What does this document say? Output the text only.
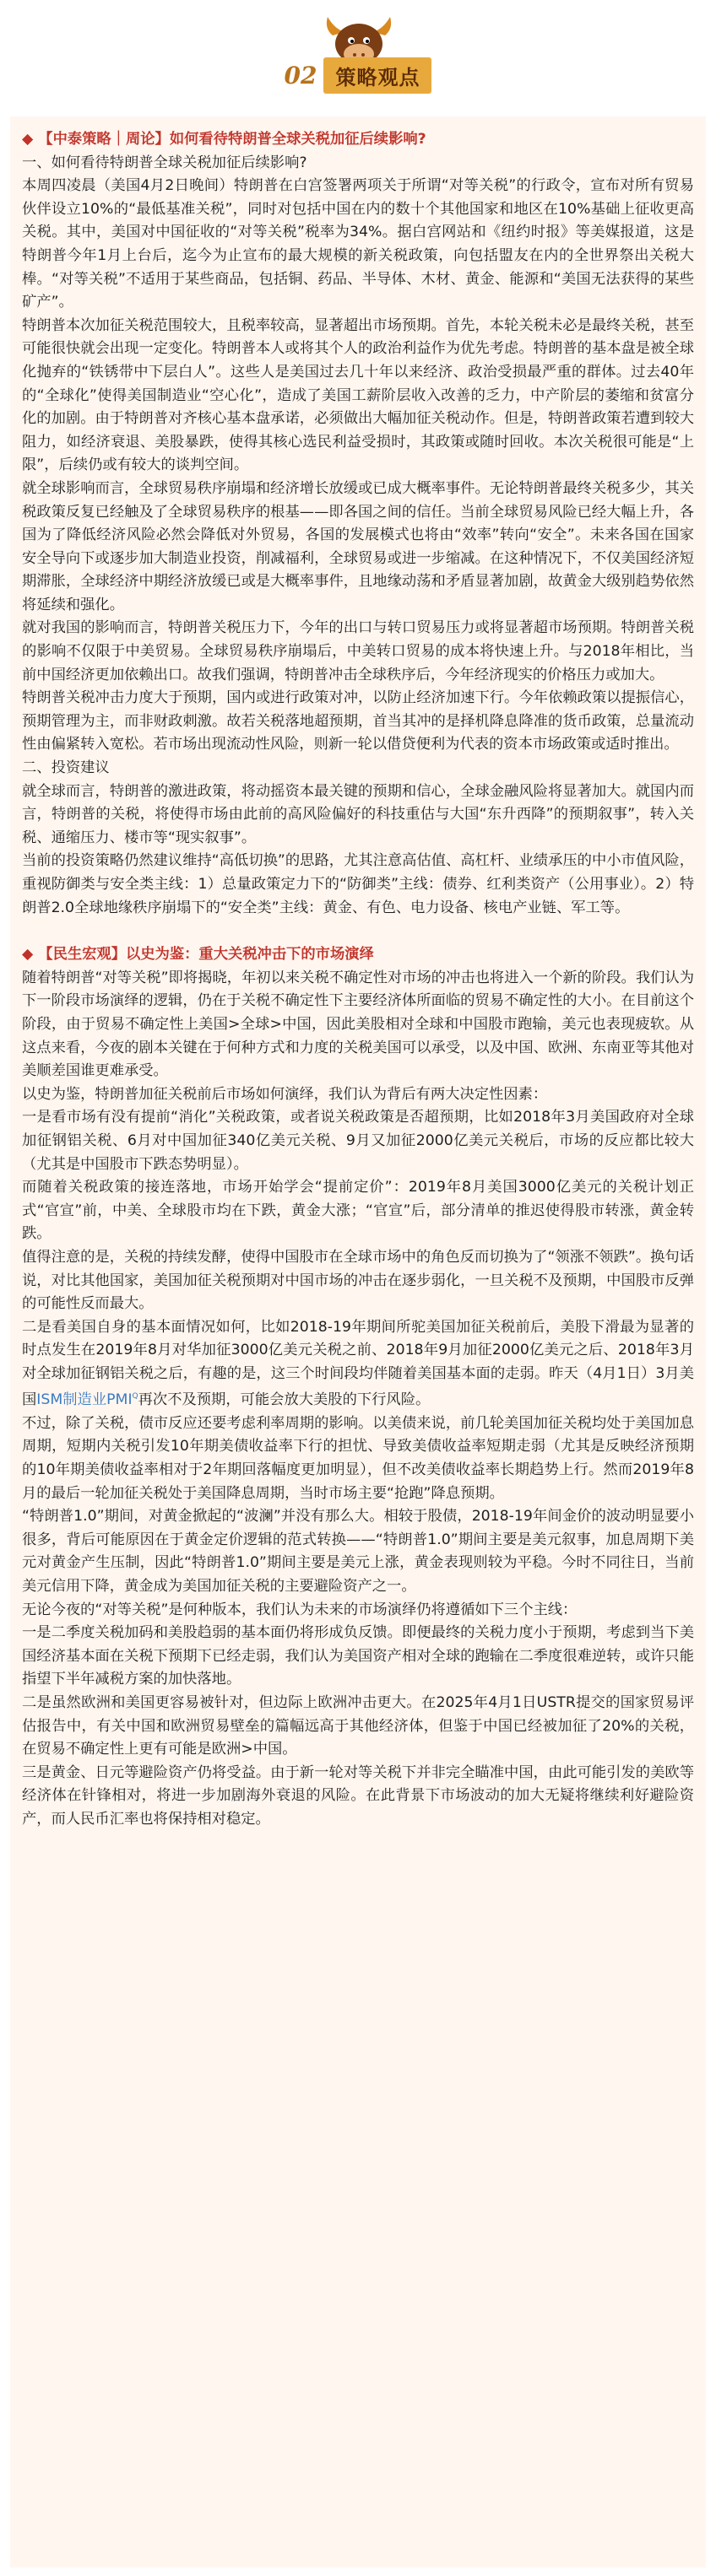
02 策略观点

◆ 【中泰策略｜周论】如何看待特朗普全球关税加征后续影响?

一、如何看待特朗普全球关税加征后续影响?

本周四凌晨（美国4月2日晚间）特朗普在白宫签署两项关于所谓“对等关税”的行政令，宣布对所有贸易伙伴设立10%的“最低基准关税”，同时对包括中国在内的数十个其他国家和地区在10%基础上征收更高关税。其中，美国对中国征收的“对等关税”税率为34%。据白宫网站和《纽约时报》等美媒报道，这是特朗普今年1月上台后，迄今为止宣布的最大规模的新关税政策，向包括盟友在内的全世界祭出关税大棒。“对等关税”不适用于某些商品，包括铜、药品、半导体、木材、黄金、能源和“美国无法获得的某些矿产”。

特朗普本次加征关税范围较大，且税率较高，显著超出市场预期。首先，本轮关税未必是最终关税，甚至可能很快就会出现一定变化。特朗普本人或将其个人的政治利益作为优先考虑。特朗普的基本盘是被全球化抛弃的“铁锈带中下层白人”。这些人是美国过去几十年以来经济、政治受损最严重的群体。过去40年的“全球化”使得美国制造业“空心化”，造成了美国工薪阶层收入改善的乏力，中产阶层的萎缩和贫富分化的加剧。由于特朗普对齐核心基本盘承诺，必须做出大幅加征关税动作。但是，特朗普政策若遭到较大阻力，如经济衰退、美股暴跌，使得其核心选民利益受损时，其政策或随时回收。本次关税很可能是“上限”，后续仍或有较大的谈判空间。

就全球影响而言，全球贸易秩序崩塌和经济增长放缓或已成大概率事件。无论特朗普最终关税多少，其关税政策反复已经触及了全球贸易秩序的根基——即各国之间的信任。当前全球贸易风险已经大幅上升，各国为了降低经济风险必然会降低对外贸易，各国的发展模式也将由“效率”转向“安全”。未来各国在国家安全导向下或逐步加大制造业投资，削减福利，全球贸易或进一步缩减。在这种情况下，不仅美国经济短期滞胀，全球经济中期经济放缓已或是大概率事件，且地缘动荡和矛盾显著加剧，故黄金大级别趋势依然将延续和强化。

就对我国的影响而言，特朗普关税压力下，今年的出口与转口贸易压力或将显著超市场预期。特朗普关税的影响不仅限于中美贸易。全球贸易秩序崩塌后，中美转口贸易的成本将快速上升。与2018年相比，当前中国经济更加依赖出口。故我们强调，特朗普冲击全球秩序后，今年经济现实的价格压力或加大。

特朗普关税冲击力度大于预期，国内或进行政策对冲，以防止经济加速下行。今年依赖政策以提振信心，预期管理为主，而非财政刺激。故若关税落地超预期，首当其冲的是择机降息降准的货币政策，总量流动性由偏紧转入宽松。若市场出现流动性风险，则新一轮以借贷便利为代表的资本市场政策或适时推出。

二、投资建议

就全球而言，特朗普的激进政策，将动摇资本最关键的预期和信心，全球金融风险将显著加大。就国内而言，特朗普的关税，将使得市场由此前的高风险偏好的科技重估与大国“东升西降”的预期叙事”，转入关税、通缩压力、楼市等“现实叙事”。

当前的投资策略仍然建议维持“高低切换”的思路，尤其注意高估值、高杠杆、业绩承压的中小市值风险，重视防御类与安全类主线：1）总量政策定力下的“防御类”主线：债券、红利类资产（公用事业）。2）特朗普2.0全球地缘秩序崩塌下的“安全类”主线：黄金、有色、电力设备、核电产业链、军工等。

◆ 【民生宏观】以史为鉴：重大关税冲击下的市场演绎

随着特朗普“对等关税”即将揭晓，年初以来关税不确定性对市场的冲击也将进入一个新的阶段。我们认为下一阶段市场演绎的逻辑，仍在于关税不确定性下主要经济体所面临的贸易不确定性的大小。在目前这个阶段，由于贸易不确定性上美国>全球>中国，因此美股相对全球和中国股市跑输，美元也表现疲软。从这点来看，今夜的剧本关键在于何种方式和力度的关税美国可以承受，以及中国、欧洲、东南亚等其他对美顺差国谁更难承受。

以史为鉴，特朗普加征关税前后市场如何演绎，我们认为背后有两大决定性因素：

一是看市场有没有提前“消化”关税政策，或者说关税政策是否超预期，比如2018年3月美国政府对全球加征钢铝关税、6月对中国加征340亿美元关税、9月又加征2000亿美元关税后，市场的反应都比较大（尤其是中国股市下跌态势明显）。

而随着关税政策的接连落地，市场开始学会“提前定价”：2019年8月美国3000亿美元的关税计划正式“官宣”前，中美、全球股市均在下跌，黄金大涨；“官宣”后，部分清单的推迟使得股市转涨，黄金转跌。

值得注意的是，关税的持续发酵，使得中国股市在全球市场中的角色反而切换为了“领涨不领跌”。换句话说，对比其他国家，美国加征关税预期对中国市场的冲击在逐步弱化，一旦关税不及预期，中国股市反弹的可能性反而最大。

二是看美国自身的基本面情况如何，比如2018-19年期间所驼美国加征关税前后，美股下滑最为显著的时点发生在2019年8月对华加征3000亿美元关税之前、2018年9月加征2000亿美元之后、2018年3月对全球加征钢铝关税之后，有趣的是，这三个时间段均伴随着美国基本面的走弱。昨天（4月1日）3月美国ISM制造业$PMI^Q$再次不及预期，可能会放大美股的下行风险。

不过，除了关税，债市反应还要考虑利率周期的影响。以美债来说，前几轮美国加征关税均处于美国加息周期，短期内关税引发10年期美债收益率下行的担忧、导致美债收益率短期走弱（尤其是反映经济预期的10年期美债收益率相对于2年期回落幅度更加明显），但不改美债收益率长期趋势上行。然而2019年8月的最后一轮加征关税处于美国降息周期，当时市场主要“抢跑”降息预期。

“特朗普1.0”期间，对黄金掀起的“波澜”并没有那么大。相较于股债，2018-19年间金价的波动明显要小很多，背后可能原因在于黄金定价逻辑的范式转换——“特朗普1.0”期间主要是美元叙事，加息周期下美元对黄金产生压制，因此“特朗普1.0”期间主要是美元上涨，黄金表现则较为平稳。今时不同往日，当前美元信用下降，黄金成为美国加征关税的主要避险资产之一。

无论今夜的“对等关税”是何种版本，我们认为未来的市场演绎仍将遵循如下三个主线：

一是二季度关税加码和美股趋弱的基本面仍将形成负反馈。即便最终的关税力度小于预期，考虑到当下美国经济基本面在关税下预期下已经走弱，我们认为美国资产相对全球的跑输在二季度很难逆转，或许只能指望下半年减税方案的加快落地。

二是虽然欧洲和美国更容易被针对，但边际上欧洲冲击更大。在2025年4月1日USTR提交的国家贸易评估报告中，有关中国和欧洲贸易壁垒的篇幅远高于其他经济体，但鉴于中国已经被加征了20%的关税，在贸易不确定性上更有可能是欧洲>中国。

三是黄金、日元等避险资产仍将受益。由于新一轮对等关税下并非完全瞄准中国，由此可能引发的美欧等经济体在针锋相对，将进一步加剧海外衰退的风险。在此背景下市场波动的加大无疑将继续利好避险资产，而人民币汇率也将保持相对稳定。
